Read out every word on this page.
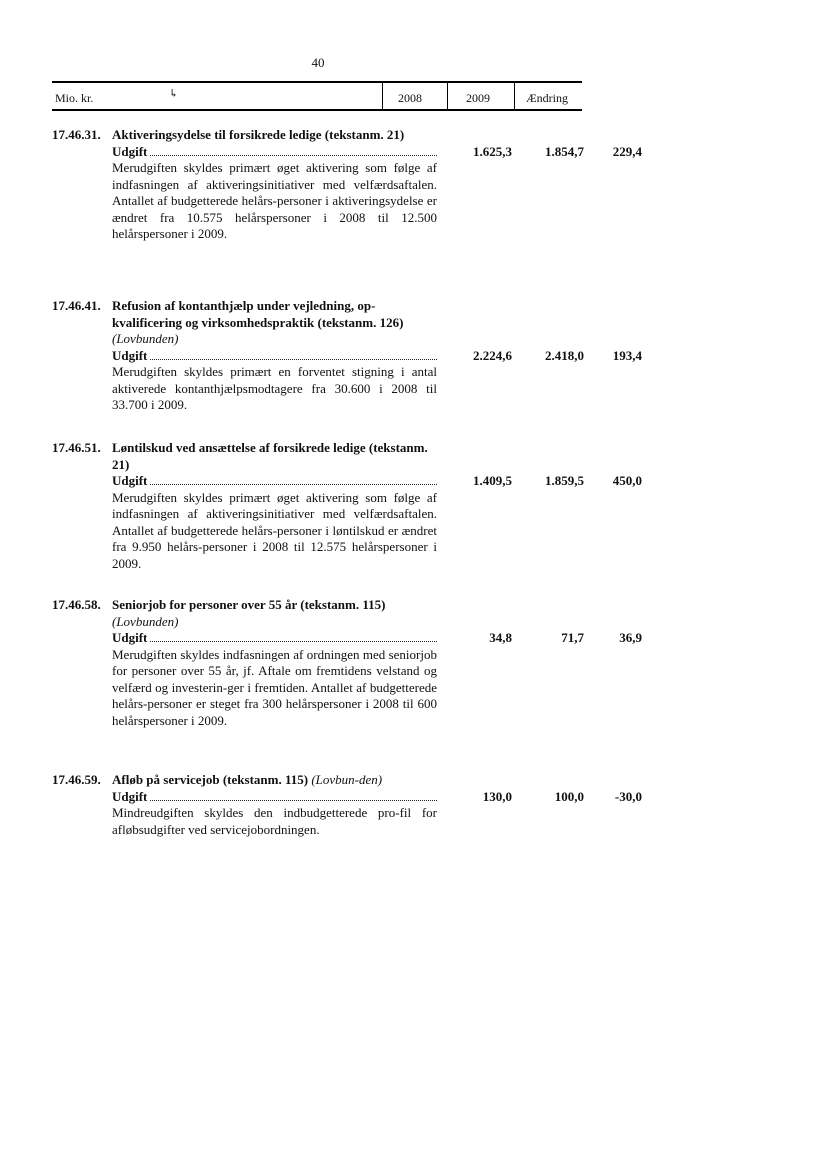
40
Mio. kr.	↳	2008	2009	Ændring
17.46.31. Aktiveringsydelse til forsikrede ledige (tekstanm. 21)
Udgift	1.625,3	1.854,7	229,4
Merudgiften skyldes primært øget aktivering som følge af indfasningen af aktiveringsinitiativer med velfærdsaftalen. Antallet af budgetterede helårs-personer i aktiveringsydelse er ændret fra 10.575 helårspersoner i 2008 til 12.500 helårspersoner i 2009.
17.46.41. Refusion af kontanthjælp under vejledning, op-kvalificering og virksomhedspraktik (tekstanm. 126) (Lovbunden)
Udgift	2.224,6	2.418,0	193,4
Merudgiften skyldes primært en forventet stigning i antal aktiverede kontanthjælpsmodtagere fra 30.600 i 2008 til 33.700 i 2009.
17.46.51. Løntilskud ved ansættelse af forsikrede ledige (tekstanm. 21)
Udgift	1.409,5	1.859,5	450,0
Merudgiften skyldes primært øget aktivering som følge af indfasningen af aktiveringsinitiativer med velfærdsaftalen. Antallet af budgetterede helårs-personer i løntilskud er ændret fra 9.950 helårs-personer i 2008 til 12.575 helårspersoner i 2009.
17.46.58. Seniorjob for personer over 55 år (tekstanm. 115) (Lovbunden)
Udgift	34,8	71,7	36,9
Merudgiften skyldes indfasningen af ordningen med seniorjob for personer over 55 år, jf. Aftale om fremtidens velstand og velfærd og investerin-ger i fremtiden. Antallet af budgetterede helårs-personer er steget fra 300 helårspersoner i 2008 til 600 helårspersoner i 2009.
17.46.59. Afløb på servicejob (tekstanm. 115) (Lovbun-den)
Udgift	130,0	100,0	-30,0
Mindreudgiften skyldes den indbudgetterede pro-fil for afløbsudgifter ved servicejobordningen.
